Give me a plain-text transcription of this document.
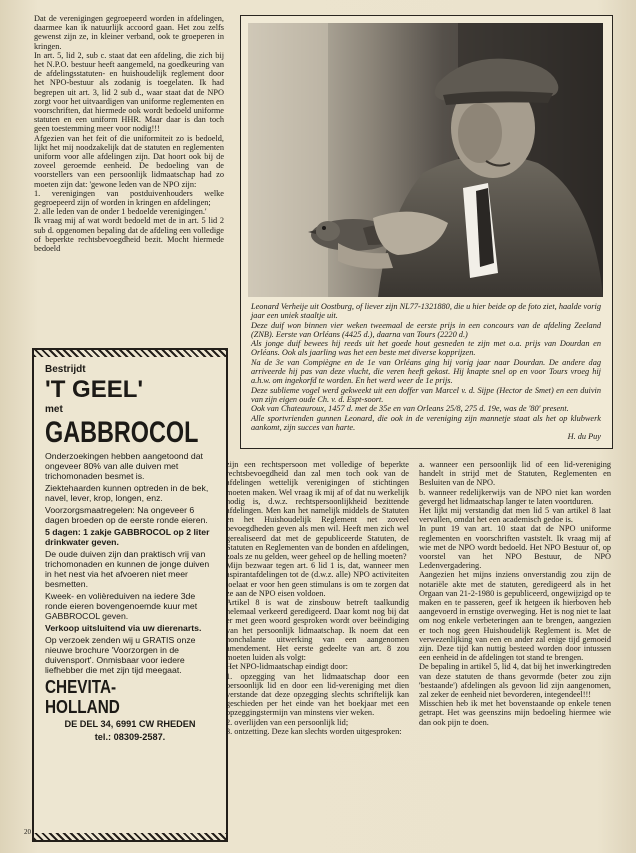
Dat de verenigingen gegroepeerd worden in afdelingen, daarmee kan ik natuurlijk accoord gaan. Het zou zelfs gewenst zijn ze, in kleiner verband, ook te groeperen in kringen.

In art. 5, lid 2, sub c. staat dat een afdeling, die zich bij het N.P.O. bestuur heeft aangemeld, na goedkeuring van de afdelingsstatuten- en huishoudelijk reglement door het NPO-bestuur als zodanig is toegelaten. Ik had begrepen uit art. 3, lid 2 sub d., waar staat dat de NPO zorgt voor het uitvaardigen van uniforme reglementen en voorschriften, dat hiermede ook wordt bedoeld uniforme statuten en een uniform HHR. Maar daar is dan toch geen toestemming meer voor nodig!!!

Afgezien van het feit of die uniformiteit zo is bedoeld, lijkt het mij noodzakelijk dat de statuten en reglementen uniform voor alle afdelingen zijn. Dat hoort ook bij de zoveel geroemde eenheid. De bedoeling van de voorstellers van een persoonlijk lidmaatschap had zo moeten zijn dat: 'gewone leden van de NPO zijn:

1. verenigingen van postduivenhouders welke gegroepeerd zijn of worden in kringen en afdelingen;

2. alle leden van de onder 1 bedoelde verenigingen.'

Ik vraag mij af wat wordt bedoeld met de in art. 5 lid 2 sub d. opgenomen bepaling dat de afdeling een volledige of beperkte rechtsbevoegdheid bezit. Mocht hiermede bedoeld

Leonard Verheije uit Oostburg, of liever zijn NL77-1321880, die u hier beide op de foto ziet, haalde vorig jaar een uniek staaltje uit.

Deze duif won binnen vier weken tweemaal de eerste prijs in een concours van de afdeling Zeeland (ZNB). Eerste van Orléans (4425 d.), daarna van Tours (2220 d.)

Als jonge duif bewees hij reeds uit het goede hout gesneden te zijn met o.a. prijs van Dourdan en Orléans. Ook als jaarling was het een beste met diverse kopprijzen.

Na de 3e van Compiègne en de 1e van Orléans ging hij vorig jaar naar Dourdan. De andere dag arriveerde hij pas van deze vlucht, die veren heeft gekost. Hij knapte snel op en voor Tours vroeg hij a.h.w. om ingekorfd te worden. En het werd weer de 1e prijs.

Deze sublieme vogel werd gekweekt uit een doffer van Marcel v. d. Sijpe (Hector de Smet) en een duivin van zijn eigen oude Ch. v. d. Espt-soort.

Ook van Chateauroux, 1457 d. met de 35e en van Orleans 25/8, 275 d. 19e, was de '80' present.

Alle sportvrienden gunnen Leonard, die ook in de vereniging zijn mannetje staat als het op klubwerk aankomt, zijn succes van harte.

H. du Puy

Bestrijdt

'T GEEL'

met

GABBROCOL

Onderzoekingen hebben aangetoond dat ongeveer 80% van alle duiven met trichomonaden besmet is.

Ziektehaarden kunnen optreden in de bek, navel, lever, krop, longen, enz.

Voorzorgsmaatregelen: Na ongeveer 6 dagen broeden op de eerste ronde eieren.

5 dagen: 1 zakje GABBROCOL op 2 liter drinkwater geven.

De oude duiven zijn dan praktisch vrij van trichomonaden en kunnen de jonge duiven in het nest via het afvoeren niet meer besmetten.

Kweek- en volièreduiven na iedere 3de ronde eieren bovengenoemde kuur met GABBROCOL geven.

Verkoop uitsluitend via uw dierenarts.

Op verzoek zenden wij u GRATIS onze nieuwe brochure 'Voorzorgen in de duivensport'. Onmisbaar voor iedere liefhebber die met zijn tijd meegaat.

CHEVITA-HOLLAND

DE DEL 34, 6991 CW RHEDEN

tel.: 08309-2587.

zijn een rechtspersoon met volledige of beperkte rechtsbevoegdheid dan zal men toch ook van de afdelingen wettelijk verenigingen of stichtingen moeten maken. Wel vraag ik mij af of dat nu werkelijk nodig is, d.w.z. rechtspersoonlijkheid bezittende afdelingen. Men kan het namelijk middels de Statuten en het Huishoudelijk Reglement net zoveel bevoegdheden geven als men wil. Heeft men zich wel gerealiseerd dat met de gepubliceerde Statuten, de Statuten en Reglementen van de bonden en afdelingen, zoals ze nu gelden, weer geheel op de helling moeten?

Mijn bezwaar tegen art. 6 lid 1 is, dat, wanneer men aspirantafdelingen tot de (d.w.z. alle) NPO activiteiten toelaat er voor hen geen stimulans is om te zorgen dat ze aan de NPO eisen voldoen.

Artikel 8 is wat de zinsbouw betreft taalkundig helemaal verkeerd geredigeerd. Daar komt nog bij dat er met geen woord gesproken wordt over beëindiging van het persoonlijk lidmaatschap. Ik noem dat een nonchalante uitwerking van een aangenomen amendement. Het eerste gedeelte van art. 8 zou moeten luiden als volgt:

Het NPO-lidmaatschap eindigt door:

1. opzegging van het lidmaatschap door een persoonlijk lid en door een lid-vereniging met dien verstande dat deze opzegging slechts schriftelijk kan geschieden per het einde van het boekjaar met een opzeggingstermijn van minstens vier weken.

2. overlijden van een persoonlijk lid;

3. ontzetting. Deze kan slechts worden uitgesproken:

a. wanneer een persoonlijk lid of een lid-vereniging handelt in strijd met de Statuten, Reglementen en Besluiten van de NPO.

b. wanneer redelijkerwijs van de NPO niet kan worden gevergd het lidmaatschap langer te laten voortduren.

Het lijkt mij verstandig dat men lid 5 van artikel 8 laat vervallen, omdat het een academisch gedoe is.

In punt 19 van art. 10 staat dat de NPO uniforme reglementen en voorschriften vaststelt. Ik vraag mij af wie met de NPO wordt bedoeld. Het NPO Bestuur of, op voorstel van het NPO Bestuur, de NPO Ledenvergadering.

Aangezien het mijns inziens onverstandig zou zijn de notariële akte met de statuten, geredigeerd als in het Orgaan van 21-2-1980 is gepubliceerd, ongewijzigd op te maken en te passeren, geef ik hetgeen ik hierboven heb aangevoerd in ernstige overweging. Het is nog niet te laat om nog enkele verbeteringen aan te brengen, aangezien er toch nog geen Huishoudelijk Reglement is. Met de verwezenlijking van een en ander zal enige tijd gemoeid zijn. Deze tijd kan nuttig besteed worden door intussen een eenheid in de afdelingen tot stand te brengen.

De bepaling in artikel 5, lid 4, dat bij het inwerkingtreden van deze statuten de thans gevormde (beter zou zijn 'bestaande') afdelingen als gevoon lid zijn aangenomen, zal zeker de eenheid niet bevorderen, integendeel!!!

Misschien heb ik met het bovenstaande op enkele tenen getrapt. Het was geenszins mijn bedoeling hiermee wie dan ook pijn te doen.

20
